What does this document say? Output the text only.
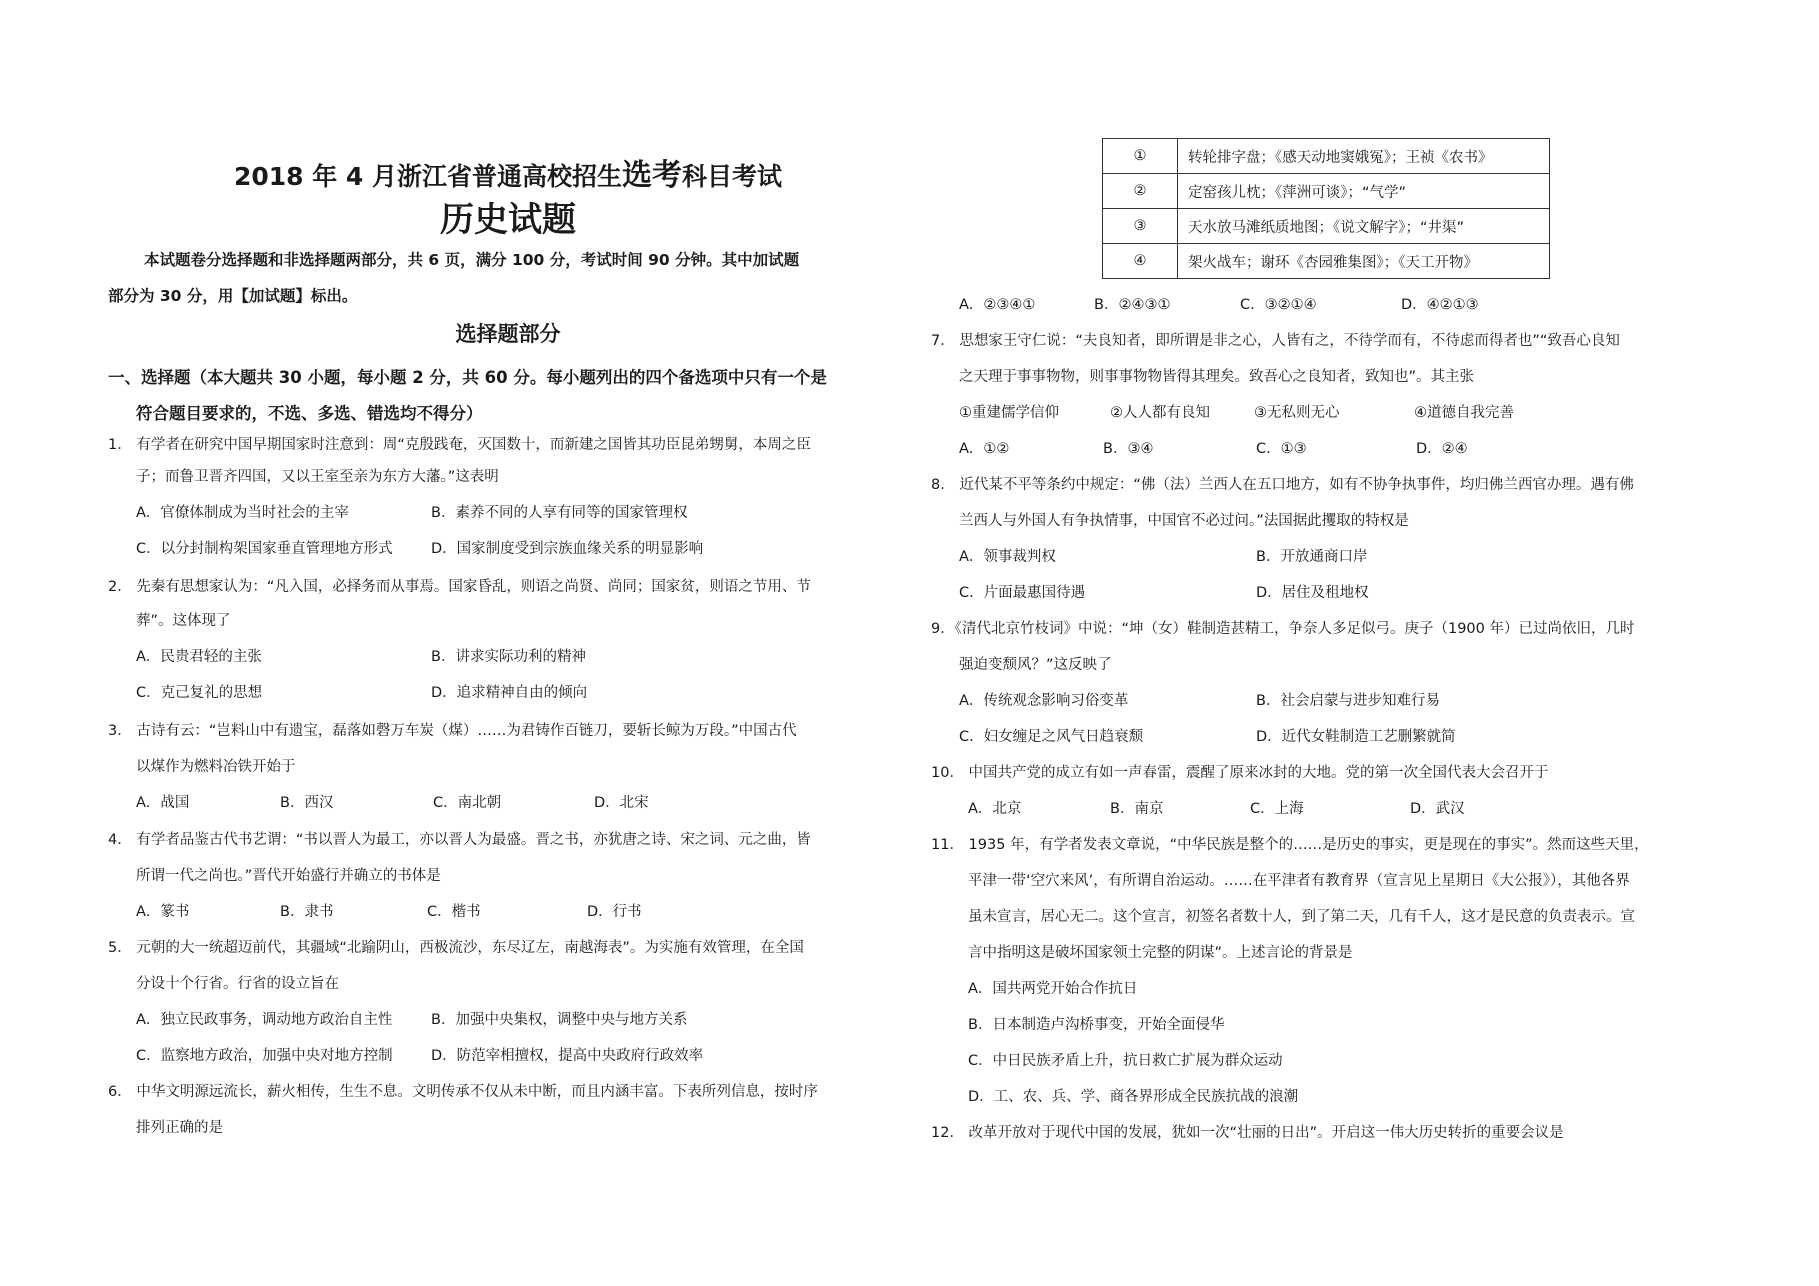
2018 年 4 月浙江省普通高校招生选考科目考试
历史试题
本试题卷分选择题和非选择题两部分，共 6 页，满分 100 分，考试时间 90 分钟。其中加试题
部分为 30 分，用【加试题】标出。
选择题部分
一、选择题（本大题共 30 小题，每小题 2 分，共 60 分。每小题列出的四个备选项中只有一个是
符合题目要求的，不选、多选、错选均不得分）
1． 有学者在研究中国早期国家时注意到：周“克殷践奄，灭国数十，而新建之国皆其功臣昆弟甥舅，本周之臣
子；而鲁卫晋齐四国，又以王室至亲为东方大藩。”这表明
A．官僚体制成为当时社会的主宰	B．素养不同的人享有同等的国家管理权
C．以分封制构架国家垂直管理地方形式	D．国家制度受到宗族血缘关系的明显影响
2． 先秦有思想家认为：“凡入国，必择务而从事焉。国家昏乱，则语之尚贤、尚同；国家贫，则语之节用、节
葬”。这体现了
A．民贵君轻的主张	B．讲求实际功利的精神
C．克己复礼的思想	D．追求精神自由的倾向
3． 古诗有云：“岂料山中有遗宝，磊落如磬万车炭（煤）……为君铸作百链刀，要斩长鲸为万段。”中国古代
以煤作为燃料冶铁开始于
A．战国	B．西汉	C．南北朝	D．北宋
4． 有学者品鉴古代书艺谓：“书以晋人为最工，亦以晋人为最盛。晋之书，亦犹唐之诗、宋之词、元之曲，皆
所谓一代之尚也。”晋代开始盛行并确立的书体是
A．篆书	B．隶书	C．楷书	D．行书
5． 元朝的大一统超迈前代，其疆域“北踰阴山，西极流沙，东尽辽左，南越海表”。为实施有效管理，在全国
分设十个行省。行省的设立旨在
A．独立民政事务，调动地方政治自主性	B．加强中央集权，调整中央与地方关系
C．监察地方政治，加强中央对地方控制	D．防范宰相擅权，提高中央政府行政效率
6． 中华文明源远流长，薪火相传，生生不息。文明传承不仅从未中断，而且内涵丰富。下表所列信息，按时序
排列正确的是
①	转轮排字盘；《感天动地窦娥冤》；王祯《农书》
②	定窑孩儿枕；《萍洲可谈》；“气学”
③	天水放马滩纸质地图；《说文解字》；“井渠”
④	架火战车；谢环《杏园雅集图》；《天工开物》
A．②③④①	B．②④③①	C．③②①④	D．④②①③
7． 思想家王守仁说：“夫良知者，即所谓是非之心，人皆有之，不待学而有，不待虑而得者也”“致吾心良知
之天理于事事物物，则事事物物皆得其理矣。致吾心之良知者，致知也”。其主张
①重建儒学信仰	②人人都有良知	③无私则无心	④道德自我完善
A．①②	B．③④	C．①③	D．②④
8． 近代某不平等条约中规定：“佛（法）兰西人在五口地方，如有不协争执事件，均归佛兰西官办理。遇有佛
兰西人与外国人有争执情事，中国官不必过问。”法国据此攫取的特权是
A．领事裁判权	B．开放通商口岸
C．片面最惠国待遇	D．居住及租地权
9．《清代北京竹枝词》中说：“坤（女）鞋制造甚精工，争奈人多足似弓。庚子（1900 年）已过尚依旧，几时
强迫变颓风？”这反映了
A．传统观念影响习俗变革	B．社会启蒙与进步知难行易
C．妇女缠足之风气日趋衰颓	D．近代女鞋制造工艺删繁就简
10． 中国共产党的成立有如一声春雷，震醒了原来冰封的大地。党的第一次全国代表大会召开于
A．北京	B．南京	C．上海	D．武汉
11． 1935 年，有学者发表文章说，“中华民族是整个的……是历史的事实，更是现在的事实”。然而这些天里，
平津一带‘空穴来风’，有所谓自治运动。……在平津者有教育界（宣言见上星期日《大公报》），其他各界
虽未宣言，居心无二。这个宣言，初签名者数十人，到了第二天，几有千人，这才是民意的负责表示。宣
言中指明这是破坏国家领土完整的阴谋”。上述言论的背景是
A．国共两党开始合作抗日
B．日本制造卢沟桥事变，开始全面侵华
C．中日民族矛盾上升，抗日救亡扩展为群众运动
D．工、农、兵、学、商各界形成全民族抗战的浪潮
12． 改革开放对于现代中国的发展，犹如一次“壮丽的日出”。开启这一伟大历史转折的重要会议是
